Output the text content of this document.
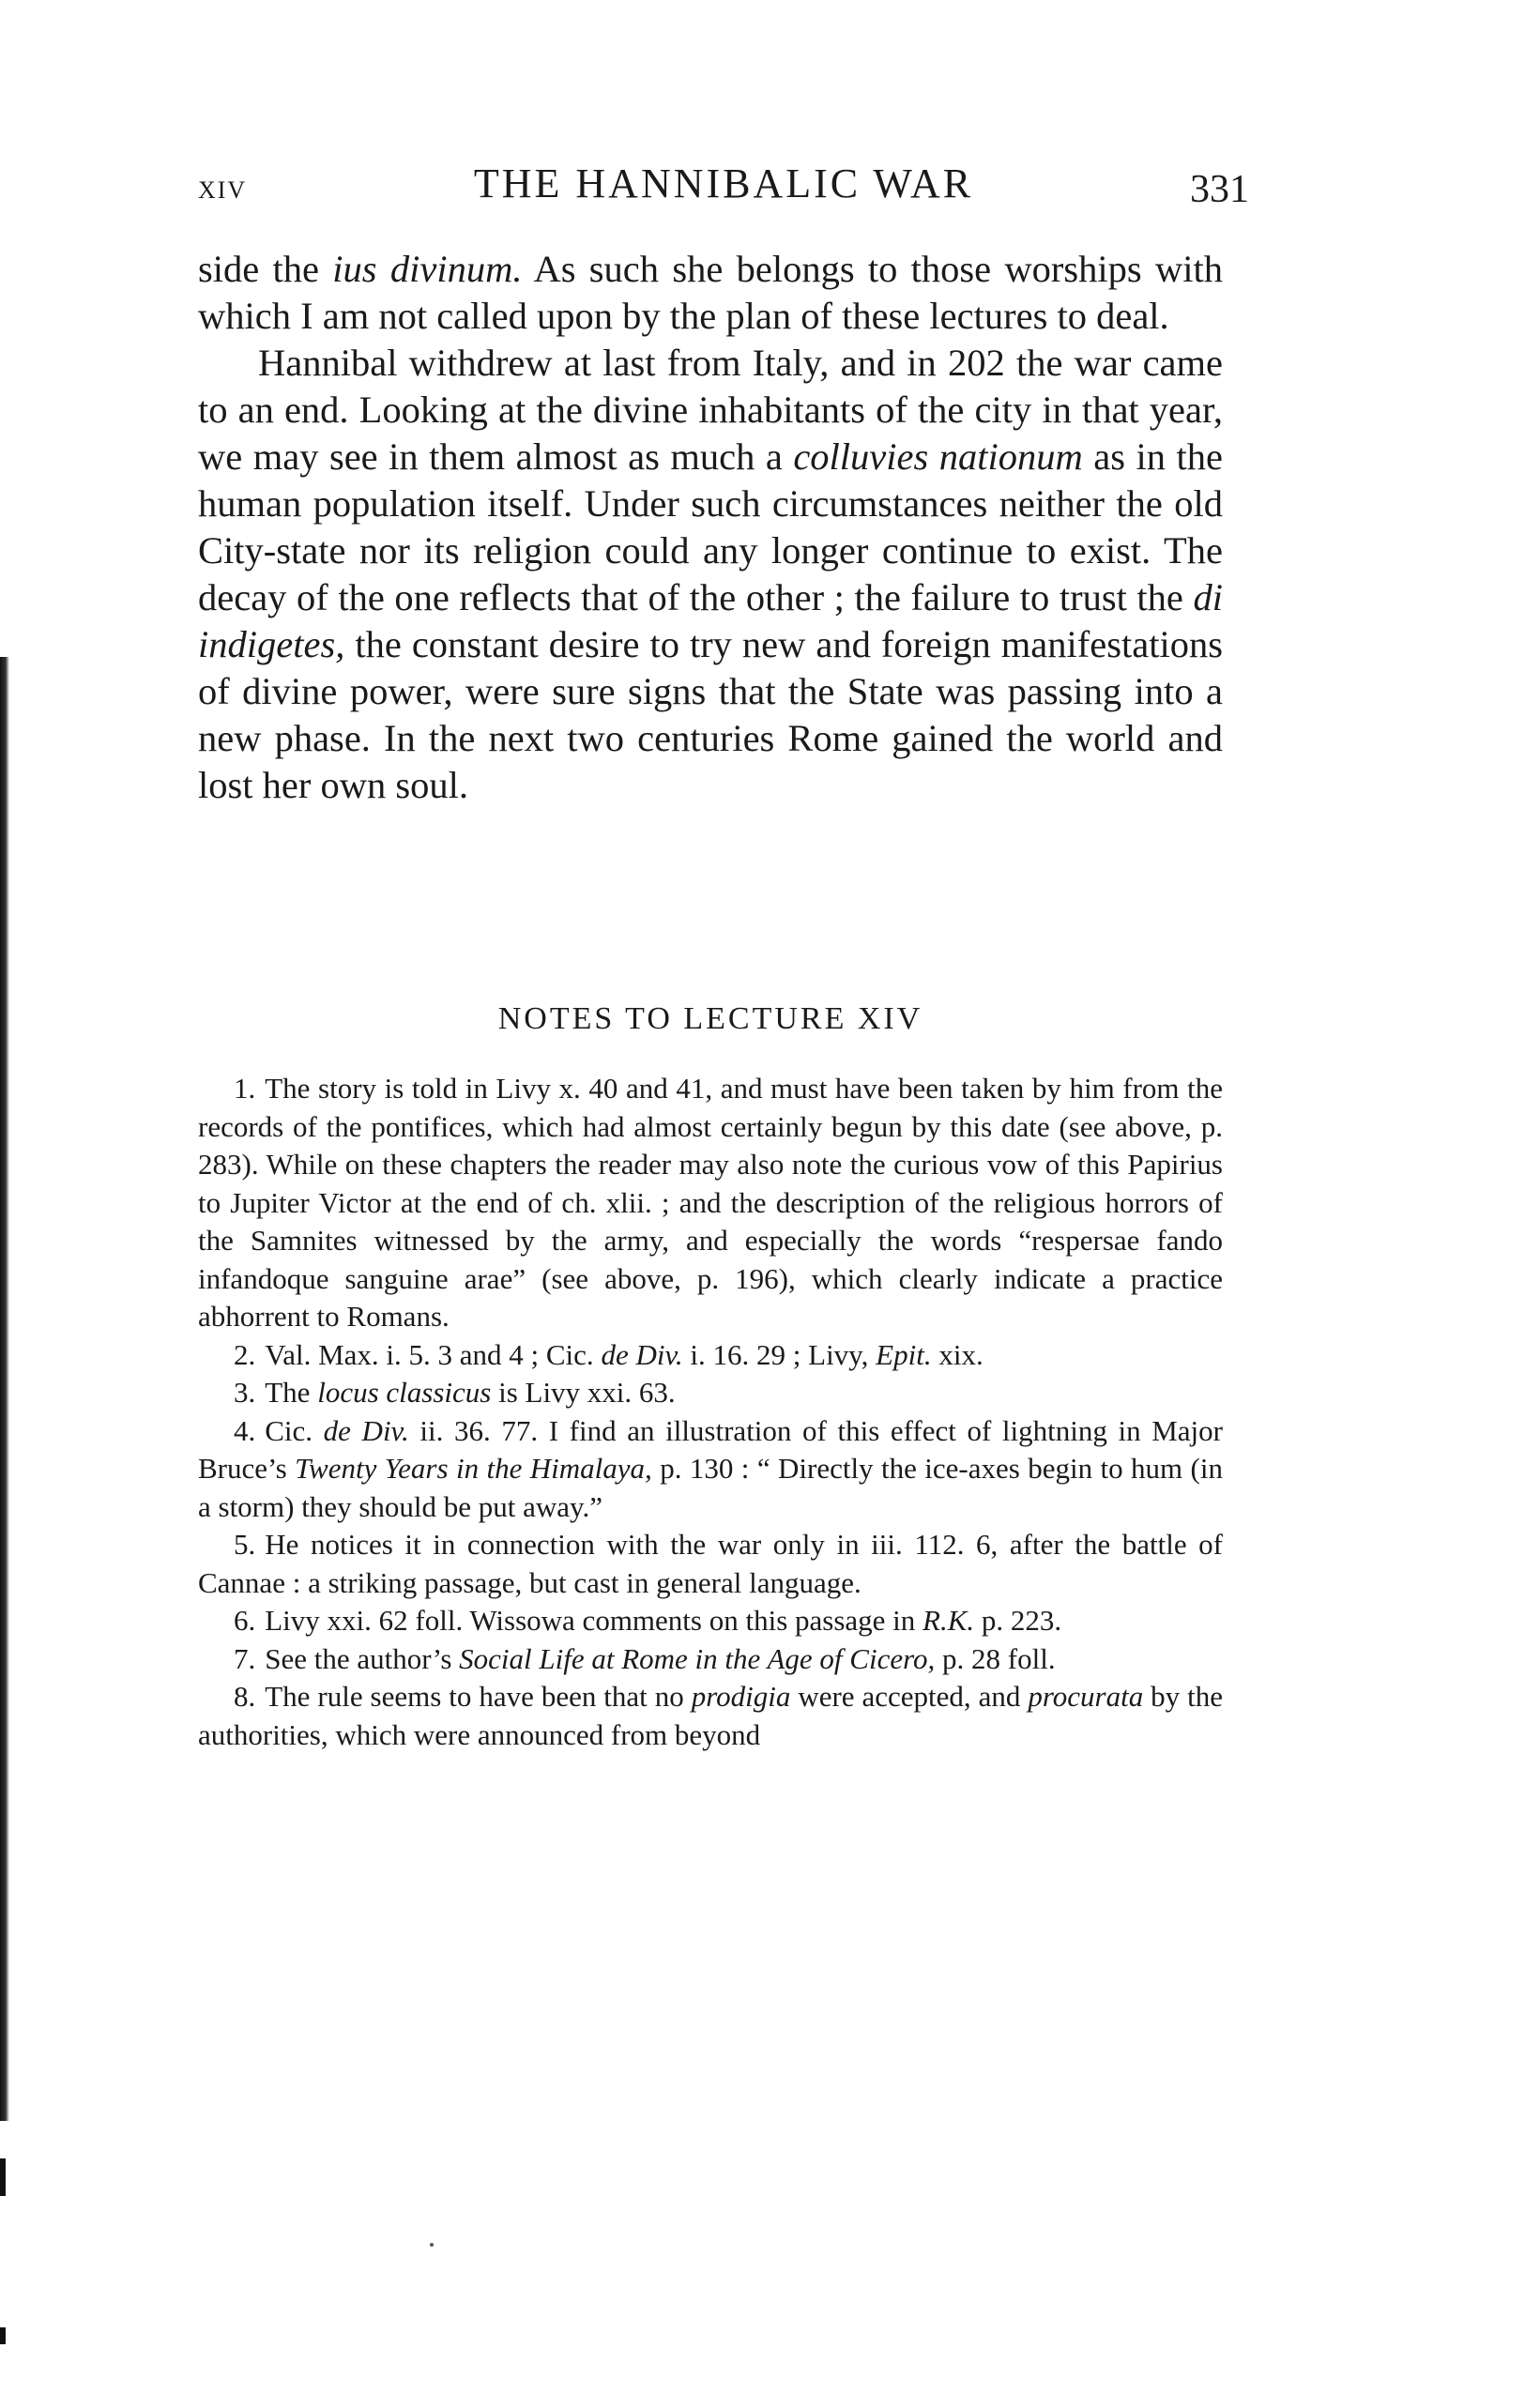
XIV	THE HANNIBALIC WAR	331

side the ius divinum. As such she belongs to those worships with which I am not called upon by the plan of these lectures to deal.

Hannibal withdrew at last from Italy, and in 202 the war came to an end. Looking at the divine inhabitants of the city in that year, we may see in them almost as much a colluvies nationum as in the human population itself. Under such circumstances neither the old City-state nor its religion could any longer continue to exist. The decay of the one reflects that of the other ; the failure to trust the di indigetes, the constant desire to try new and foreign manifestations of divine power, were sure signs that the State was passing into a new phase. In the next two centuries Rome gained the world and lost her own soul.

NOTES TO LECTURE XIV

1. The story is told in Livy x. 40 and 41, and must have been taken by him from the records of the pontifices, which had almost certainly begun by this date (see above, p. 283). While on these chapters the reader may also note the curious vow of this Papirius to Jupiter Victor at the end of ch. xlii. ; and the description of the religious horrors of the Samnites witnessed by the army, and especially the words “respersae fando infandoque sanguine arae” (see above, p. 196), which clearly indicate a practice abhorrent to Romans.

2. Val. Max. i. 5. 3 and 4 ; Cic. de Div. i. 16. 29 ; Livy, Epit. xix.

3. The locus classicus is Livy xxi. 63.

4. Cic. de Div. ii. 36. 77. I find an illustration of this effect of lightning in Major Bruce’s Twenty Years in the Himalaya, p. 130 : “ Directly the ice-axes begin to hum (in a storm) they should be put away.”

5. He notices it in connection with the war only in iii. 112. 6, after the battle of Cannae : a striking passage, but cast in general language.

6. Livy xxi. 62 foll. Wissowa comments on this passage in R.K. p. 223.

7. See the author’s Social Life at Rome in the Age of Cicero, p. 28 foll.

8. The rule seems to have been that no prodigia were accepted, and procurata by the authorities, which were announced from beyond
